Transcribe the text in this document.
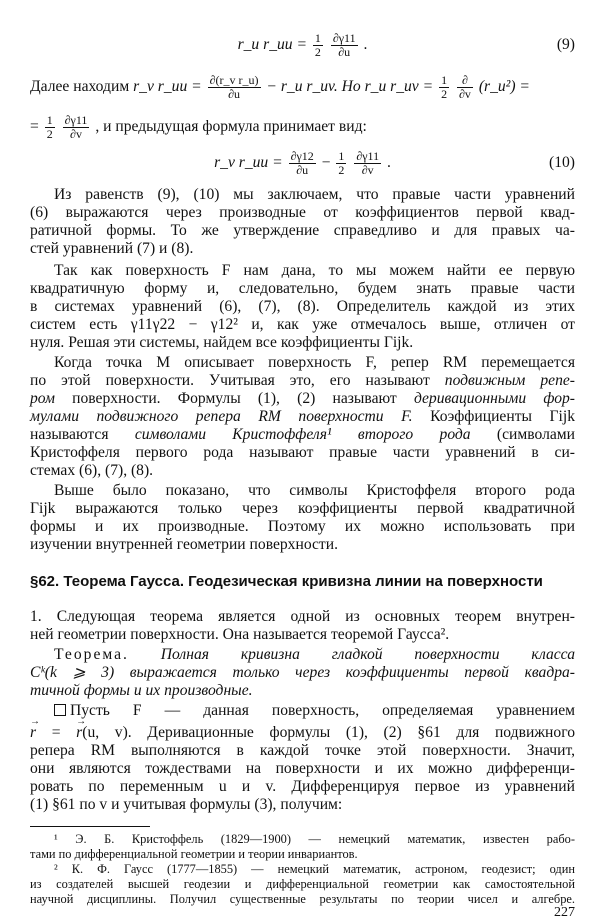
r_u r_uu = $\frac{1}{2}$
$\frac{\partial\gamma 11}{\partial u}$ .	(9)
Далее находим r_v r_uu = $\frac{\text{∂(r\_v r\_u)}}{\partial u}$ − r_u r_uv. Но r_u r_uv = $\frac{1}{2}$
$\frac{\partial}{\partial v}$ (r_u²) =
= $\frac{1}{2}$
$\frac{\partial\gamma 11}{\partial v}$ , и предыдущая формула принимает вид:
r_v r_uu = $\frac{\partial\gamma 12}{\partial u} - \frac{1}{2}$
$\frac{\partial\gamma 11}{\partial v}$ .	(10)
Из равенств (9), (10) мы заключаем, что правые части уравнений
(6) выражаются через производные от коэффициентов первой квад-
ратичной формы. То же утверждение справедливо и для правых ча-
стей уравнений (7) и (8).
Так как поверхность F нам дана, то мы можем найти ее первую
квадратичную форму и, следовательно, будем знать правые части
в системах уравнений (6), (7), (8). Определитель каждой из этих
систем есть γ11γ22 − γ12² и, как уже отмечалось выше, отличен от
нуля. Решая эти системы, найдем все коэффициенты Γijk.
Когда точка M описывает поверхность F, репер RM перемещается
по этой поверхности. Учитывая это, его называют подвижным репе-
ром поверхности. Формулы (1), (2) называют деривационными фор-
мулами подвижного репера RM поверхности F. Коэффициенты Γijk
называются символами Кристоффеля¹ второго рода (символами
Кристоффеля первого рода называют правые части уравнений в си-
стемах (6), (7), (8).
Выше было показано, что символы Кристоффеля второго рода
Γijk выражаются только через коэффициенты первой квадратичной
формы и их производные. Поэтому их можно использовать при
изучении внутренней геометрии поверхности.
§62. Теорема Гаусса. Геодезическая кривизна линии на поверхности
1. Следующая теорема является одной из основных теорем внутрен-
ней геометрии поверхности. Она называется теоремой Гаусса².
Теорема. Полная кривизна гладкой поверхности класса
Cᵏ(k ⩾ 3) выражается только через коэффициенты первой квадра-
тичной формы и их производные.
Пусть F — данная поверхность, определяемая уравнением
→ r = → r(u, v). Деривационные формулы (1), (2) §61 для подвижного
репера RM выполняются в каждой точке этой поверхности. Значит,
они являются тождествами на поверхности и их можно дифференци-
ровать по переменным u и v. Дифференцируя первое из уравнений
(1) §61 по v и учитывая формулы (3), получим:
¹ Э. Б. Кристоффель (1829—1900) — немецкий математик, известен рабо-
тами по дифференциальной геометрии и теории инвариантов.
² К. Ф. Гаусс (1777—1855) — немецкий математик, астроном, геодезист; один
из создателей высшей геодезии и дифференциальной геометрии как самостоятельной
научной дисциплины. Получил существенные результаты по теории чисел и алгебре.
227
